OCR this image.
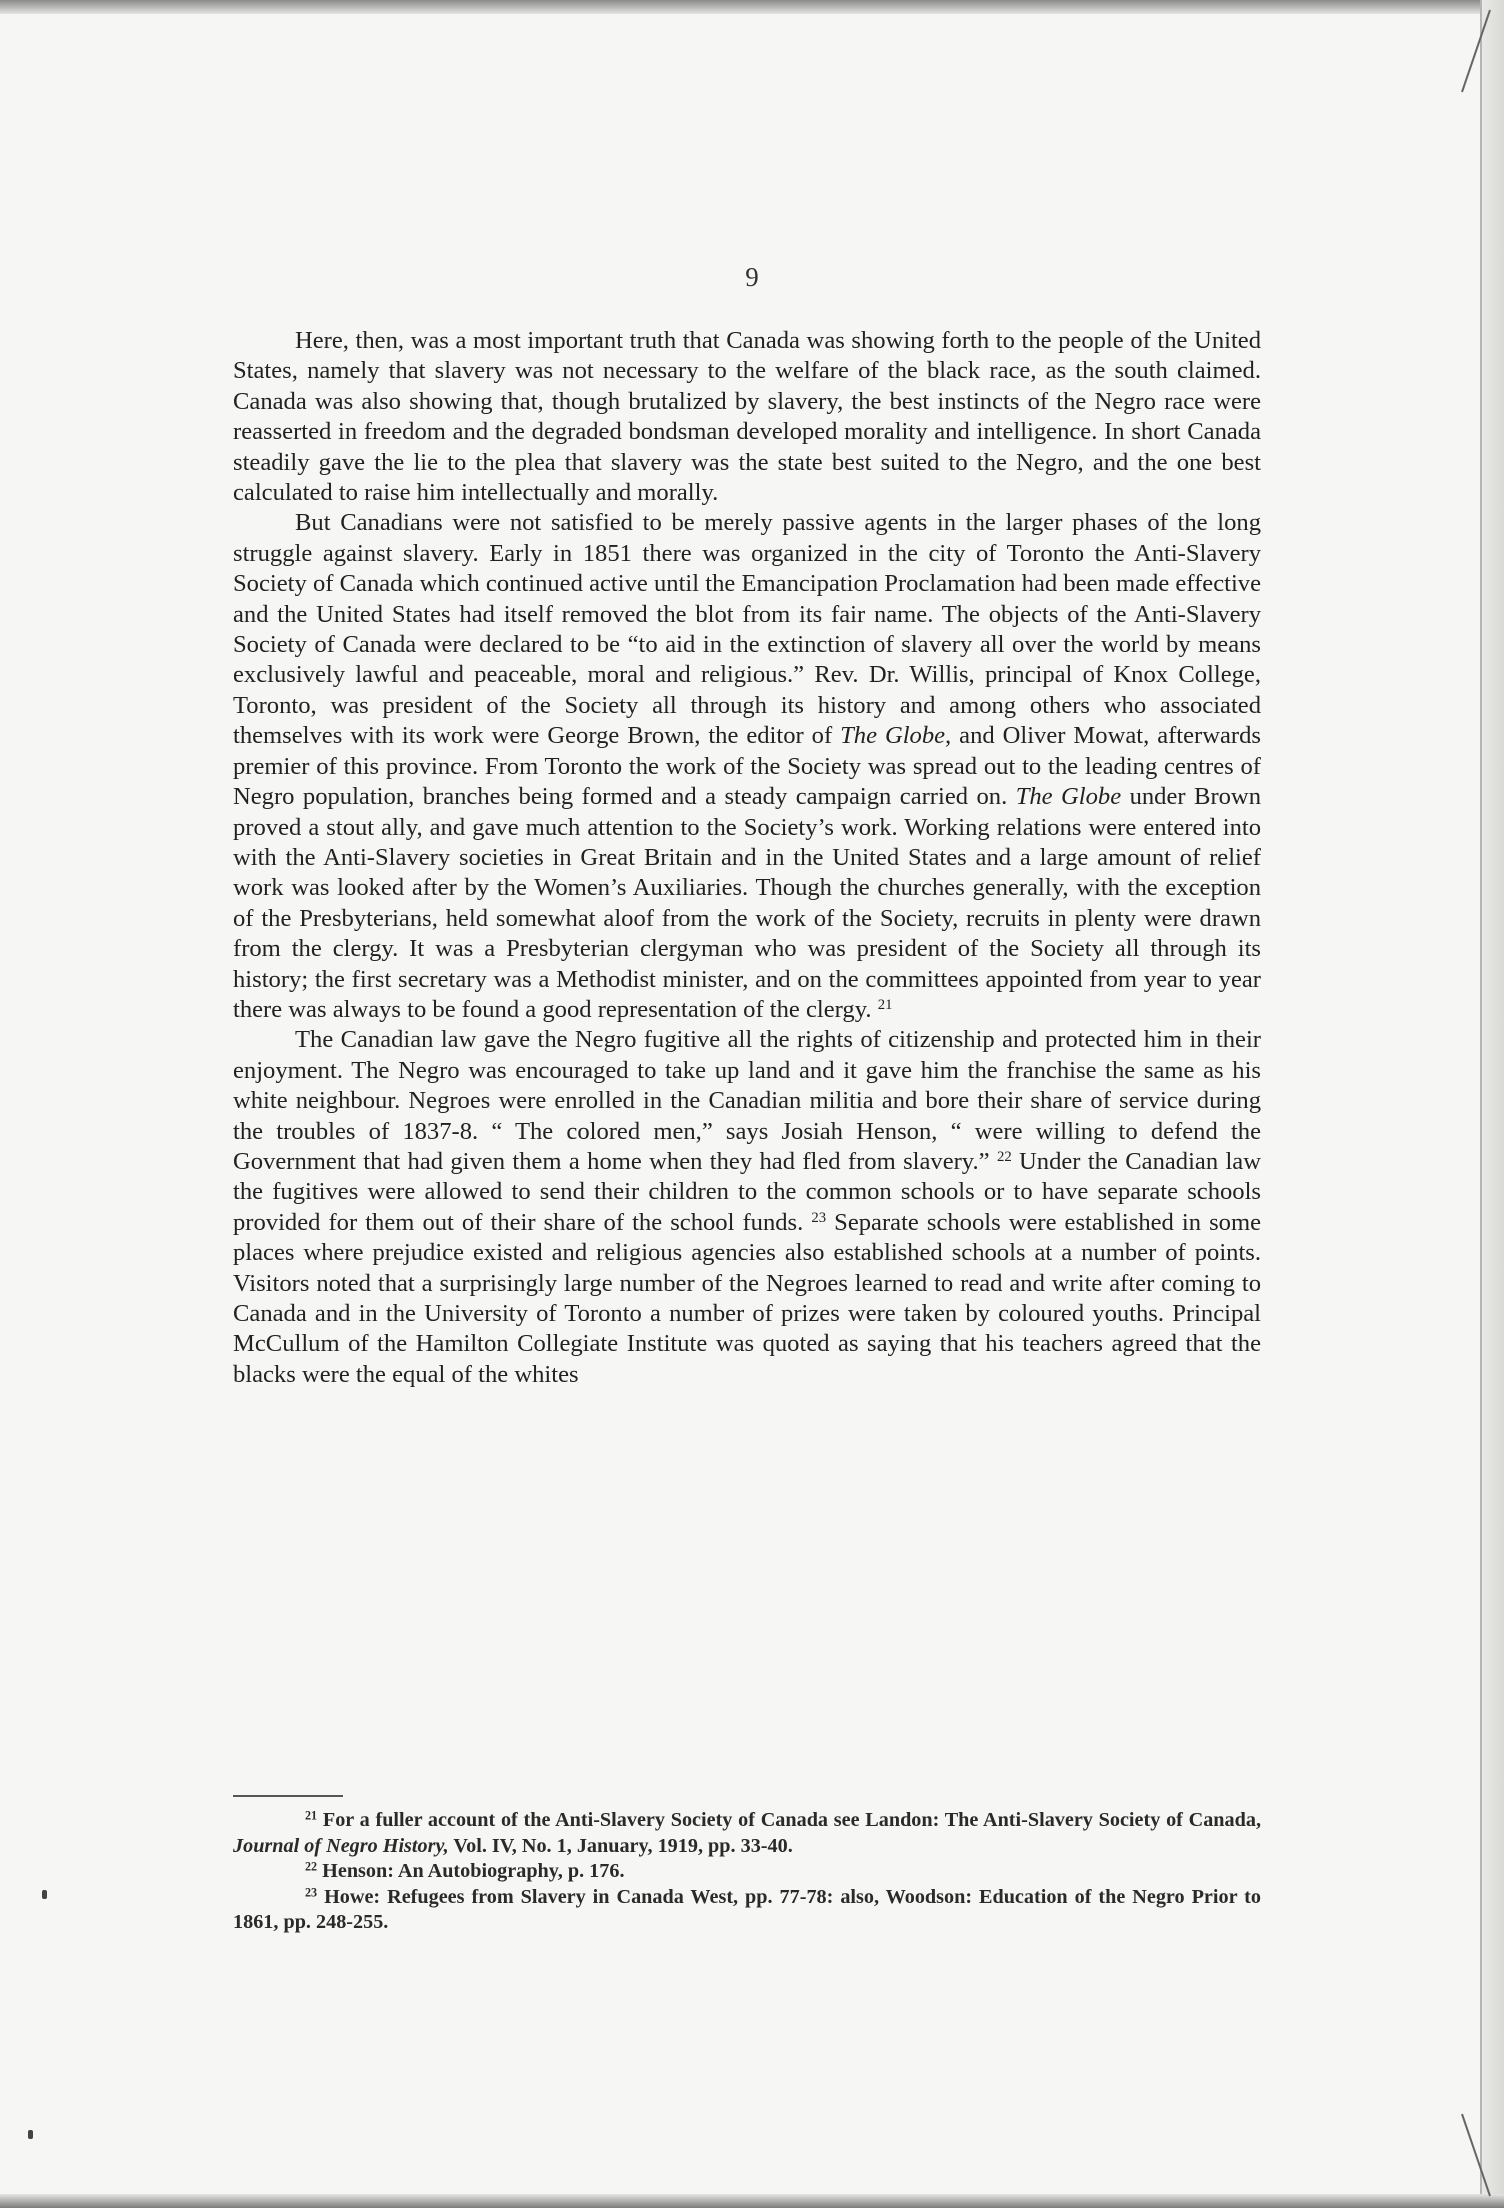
9

Here, then, was a most important truth that Canada was showing forth to the people of the United States, namely that slavery was not necessary to the welfare of the black race, as the south claimed. Canada was also showing that, though brutalized by slavery, the best instincts of the Negro race were reasserted in freedom and the degraded bondsman developed morality and intelligence. In short Canada steadily gave the lie to the plea that slavery was the state best suited to the Negro, and the one best calculated to raise him intellectually and morally.

But Canadians were not satisfied to be merely passive agents in the larger phases of the long struggle against slavery. Early in 1851 there was organized in the city of Toronto the Anti-Slavery Society of Canada which continued active until the Emancipation Proclamation had been made effective and the United States had itself removed the blot from its fair name. The objects of the Anti-Slavery Society of Canada were declared to be “to aid in the extinction of slavery all over the world by means exclusively lawful and peaceable, moral and religious.” Rev. Dr. Willis, principal of Knox College, Toronto, was president of the Society all through its history and among others who associated themselves with its work were George Brown, the editor of The Globe, and Oliver Mowat, afterwards premier of this province. From Toronto the work of the Society was spread out to the leading centres of Negro population, branches being formed and a steady campaign carried on. The Globe under Brown proved a stout ally, and gave much attention to the Society’s work. Working relations were entered into with the Anti-Slavery societies in Great Britain and in the United States and a large amount of relief work was looked after by the Women’s Auxiliaries. Though the churches generally, with the exception of the Presbyterians, held somewhat aloof from the work of the Society, recruits in plenty were drawn from the clergy. It was a Presbyterian clergyman who was president of the Society all through its history; the first secretary was a Methodist minister, and on the committees appointed from year to year there was always to be found a good representation of the clergy. $^{21}$

The Canadian law gave the Negro fugitive all the rights of citizenship and protected him in their enjoyment. The Negro was encouraged to take up land and it gave him the franchise the same as his white neighbour. Negroes were enrolled in the Canadian militia and bore their share of service during the troubles of 1837-8. “ The colored men,” says Josiah Henson, “ were willing to defend the Government that had given them a home when they had fled from slavery.” $^{22}$ Under the Canadian law the fugitives were allowed to send their children to the common schools or to have separate schools provided for them out of their share of the school funds. $^{23}$ Separate schools were established in some places where prejudice existed and religious agencies also established schools at a number of points. Visitors noted that a surprisingly large number of the Negroes learned to read and write after coming to Canada and in the University of Toronto a number of prizes were taken by coloured youths. Principal McCullum of the Hamilton Collegiate Institute was quoted as saying that his teachers agreed that the blacks were the equal of the whites

$^{21}$ For a fuller account of the Anti-Slavery Society of Canada see Landon: The Anti-Slavery Society of Canada, Journal of Negro History, Vol. IV, No. 1, January, 1919, pp. 33-40.

$^{22}$ Henson: An Autobiography, p. 176.

$^{23}$ Howe: Refugees from Slavery in Canada West, pp. 77-78: also, Woodson: Education of the Negro Prior to 1861, pp. 248-255.
